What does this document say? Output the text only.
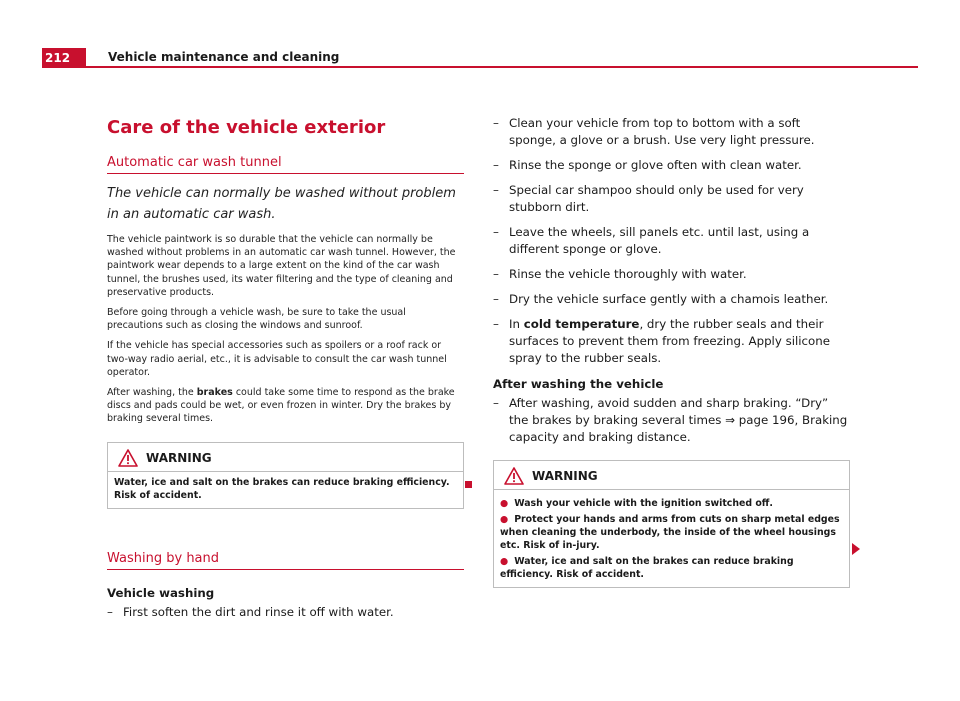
212	Vehicle maintenance and cleaning
Care of the vehicle exterior
Automatic car wash tunnel
The vehicle can normally be washed without problem in an automatic car wash.

The vehicle paintwork is so durable that the vehicle can normally be washed without problems in an automatic car wash tunnel. However, the paintwork wear depends to a large extent on the kind of the car wash tunnel, the brushes used, its water filtering and the type of cleaning and preservative products.

Before going through a vehicle wash, be sure to take the usual precautions such as closing the windows and sunroof.

If the vehicle has special accessories such as spoilers or a roof rack or two-way radio aerial, etc., it is advisable to consult the car wash tunnel operator.

After washing, the brakes could take some time to respond as the brake discs and pads could be wet, or even frozen in winter. Dry the brakes by braking several times.

WARNING
Water, ice and salt on the brakes can reduce braking efficiency. Risk of accident.
Washing by hand
Vehicle washing
– First soften the dirt and rinse it off with water.
– Clean your vehicle from top to bottom with a soft sponge, a glove or a brush. Use very light pressure.
– Rinse the sponge or glove often with clean water.
– Special car shampoo should only be used for very stubborn dirt.
– Leave the wheels, sill panels etc. until last, using a different sponge or glove.
– Rinse the vehicle thoroughly with water.
– Dry the vehicle surface gently with a chamois leather.
– In cold temperature, dry the rubber seals and their surfaces to prevent them from freezing. Apply silicone spray to the rubber seals.
After washing the vehicle
– After washing, avoid sudden and sharp braking. “Dry” the brakes by braking several times ⇒ page 196, Braking capacity and braking distance.
WARNING
● Wash your vehicle with the ignition switched off.
● Protect your hands and arms from cuts on sharp metal edges when cleaning the underbody, the inside of the wheel housings etc. Risk of in-jury.
● Water, ice and salt on the brakes can reduce braking efficiency. Risk of accident.
